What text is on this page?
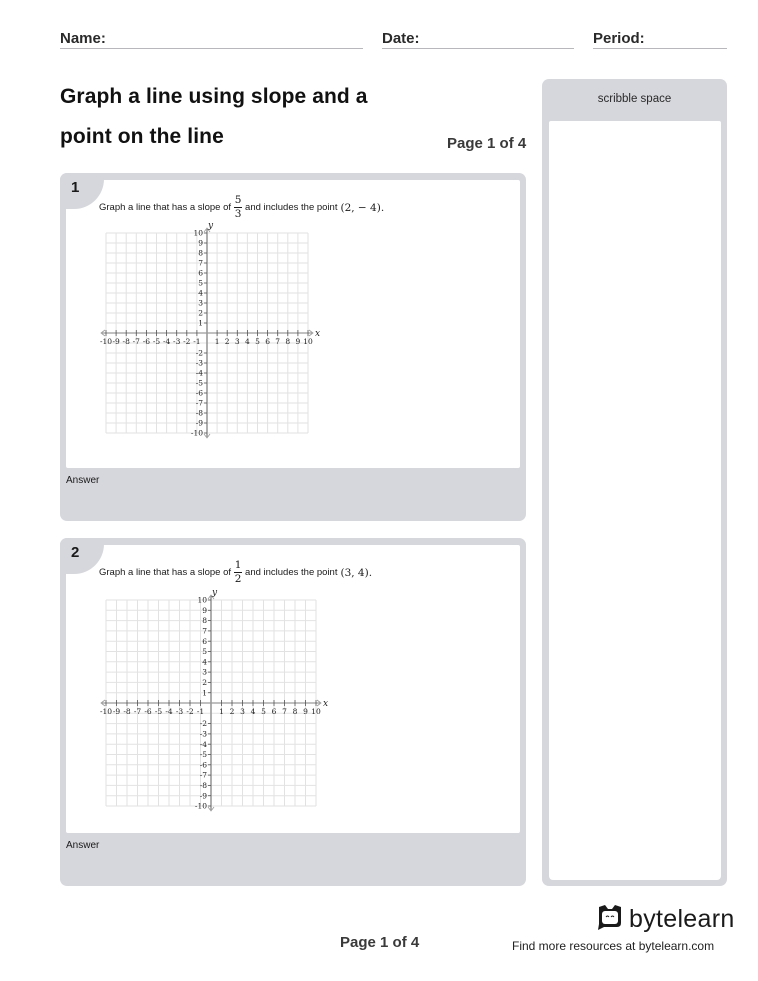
Name:	Date:	Period:
Graph a line using slope and a
point on the line	Page 1 of 4
1
Graph a line that has a slope of $\frac{5}{3}$ and includes the point (2, − 4).
-10 -9 -8 -7 -6 -5 -4 -3 -2 -1 1 2 3 4 5 6 7 8 9 10
10
9
8
7
6
5
4
3
2
1
-2
-3
-4
-5
-6
-7
-8
-9
-10
x
y
Answer
2
Graph a line that has a slope of $\frac{1}{2}$ and includes the point (3, 4).
-10 -9 -8 -7 -6 -5 -4 -3 -2 -1 1 2 3 4 5 6 7 8 9 10
10
9
8
7
6
5
4
3
2
1
-2
-3
-4
-5
-6
-7
-8
-9
-10
x
y
Answer
scribble space
Page 1 of 4
bytelearn
Find more resources at bytelearn.com
